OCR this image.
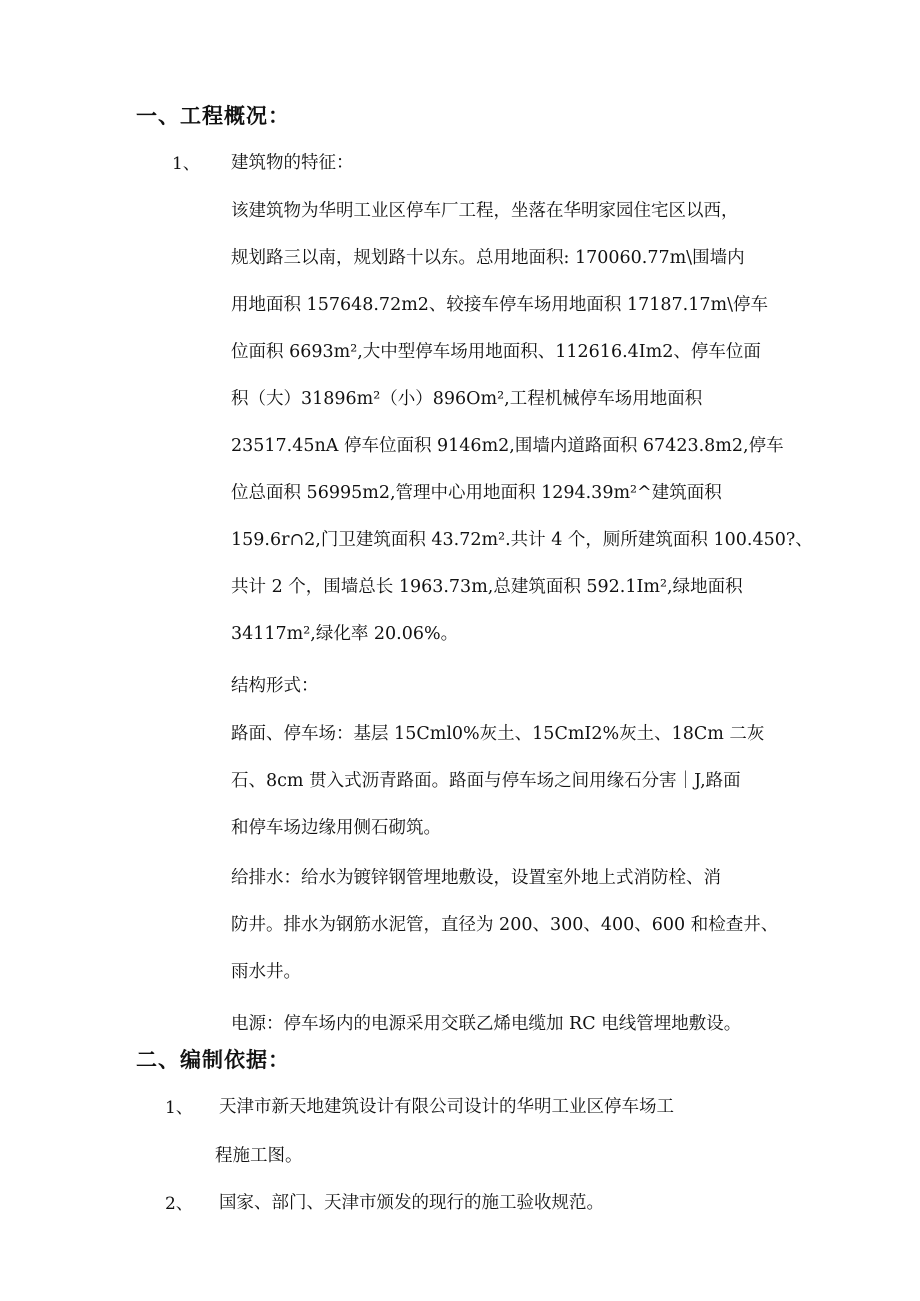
一、工程概况：
1、 建筑物的特征：
该建筑物为华明工业区停车厂工程，坐落在华明家园住宅区以西，
规划路三以南，规划路十以东。总用地面积: 170060.77m\围墙内
用地面积 157648.72m2、较接车停车场用地面积 17187.17m\停车
位面积 6693m²,大中型停车场用地面积、112616.4Im2、停车位面
积（大）31896m²（小）896Om²,工程机械停车场用地面积
23517.45nA 停车位面积 9146m2,围墙内道路面积 67423.8m2,停车
位总面积 56995m2,管理中心用地面积 1294.39m²^建筑面积
159.6r∩2,门卫建筑面积 43.72m².共计 4 个，厕所建筑面积 100.450?、
共计 2 个，围墙总长 1963.73m,总建筑面积 592.1Im²,绿地面积
34117m²,绿化率 20.06%。
结构形式：
路面、停车场：基层 15Cml0%灰土、15CmI2%灰土、18Cm 二灰
石、8cm 贯入式沥青路面。路面与停车场之间用缘石分害｜J,路面
和停车场边缘用侧石砌筑。
给排水：给水为镀锌钢管埋地敷设，设置室外地上式消防栓、消
防井。排水为钢筋水泥管，直径为 200、300、400、600 和检查井、
雨水井。
电源：停车场内的电源采用交联乙烯电缆加 RC 电线管埋地敷设。
二、编制依据：
1、 天津市新天地建筑设计有限公司设计的华明工业区停车场工
程施工图。
2、 国家、部门、天津市颁发的现行的施工验收规范。
